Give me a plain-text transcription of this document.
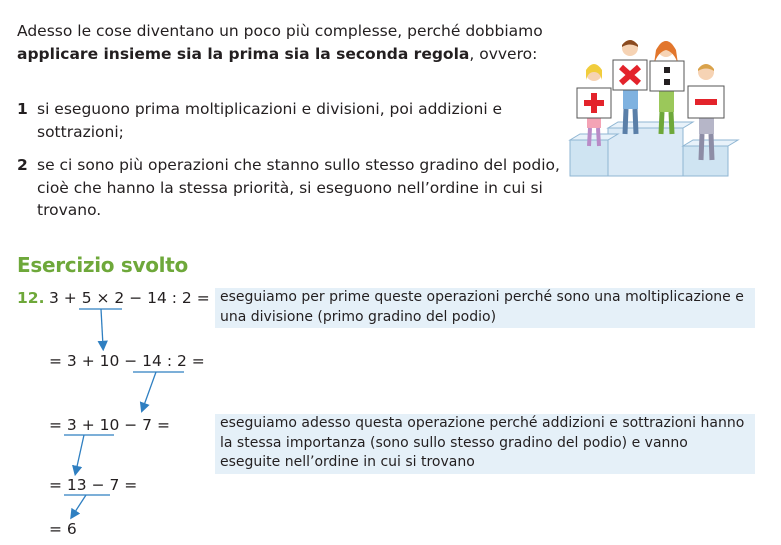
Adesso le cose diventano un poco più complesse, perché dobbiamo applicare insieme sia la prima sia la seconda regola, ovvero:

1 si eseguono prima moltiplicazioni e divisioni, poi addizioni e sottrazioni;
2 se ci sono più operazioni che stanno sullo stesso gradino del podio, cioè che hanno la stessa priorità, si eseguono nell’ordine in cui si trovano.
Esercizio svolto
12. 3 + 5 × 2 − 14 : 2 =
= 3 + 10 − 14 : 2 =
= 3 + 10 − 7 =
= 13 − 7 =
= 6
eseguiamo per prime queste operazioni perché sono una moltiplicazione e una divisione (primo gradino del podio)
eseguiamo adesso questa operazione perché addizioni e sottrazioni hanno la stessa importanza (sono sullo stesso gradino del podio) e vanno eseguite nell’ordine in cui si trovano
